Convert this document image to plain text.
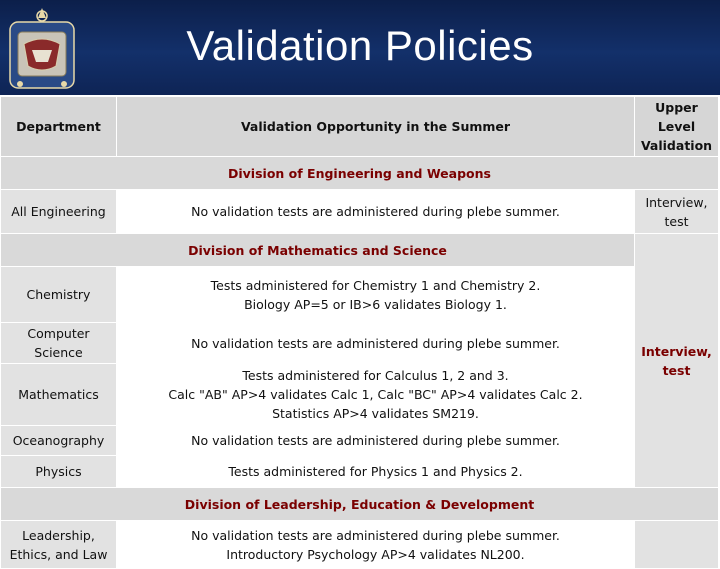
Validation Policies
Department	Validation Opportunity in the Summer	Upper Level
Validation

Division of Engineering and Weapons		
All Engineering	No validation tests are administered during plebe summer.	Interview,
test

Division of Mathematics and Science		Interview,
test

Chemistry	Tests administered for Chemistry 1 and Chemistry 2.
Biology AP=5 or IB>6 validates Biology 1.	

Computer Science	No validation tests are administered during plebe summer.	
Mathematics	Tests administered for Calculus 1, 2 and 3.
Calc "AB" AP>4 validates Calc 1, Calc "BC" AP>4 validates Calc 2.
Statistics AP>4 validates SM219.	

Oceanography	No validation tests are administered during plebe summer.	
Physics	Tests administered for Physics 1 and Physics 2.	
Division of Leadership, Education & Development		

Leadership,
Ethics, and Law	No validation tests are administered during plebe summer.
Introductory Psychology AP>4 validates NL200.	
